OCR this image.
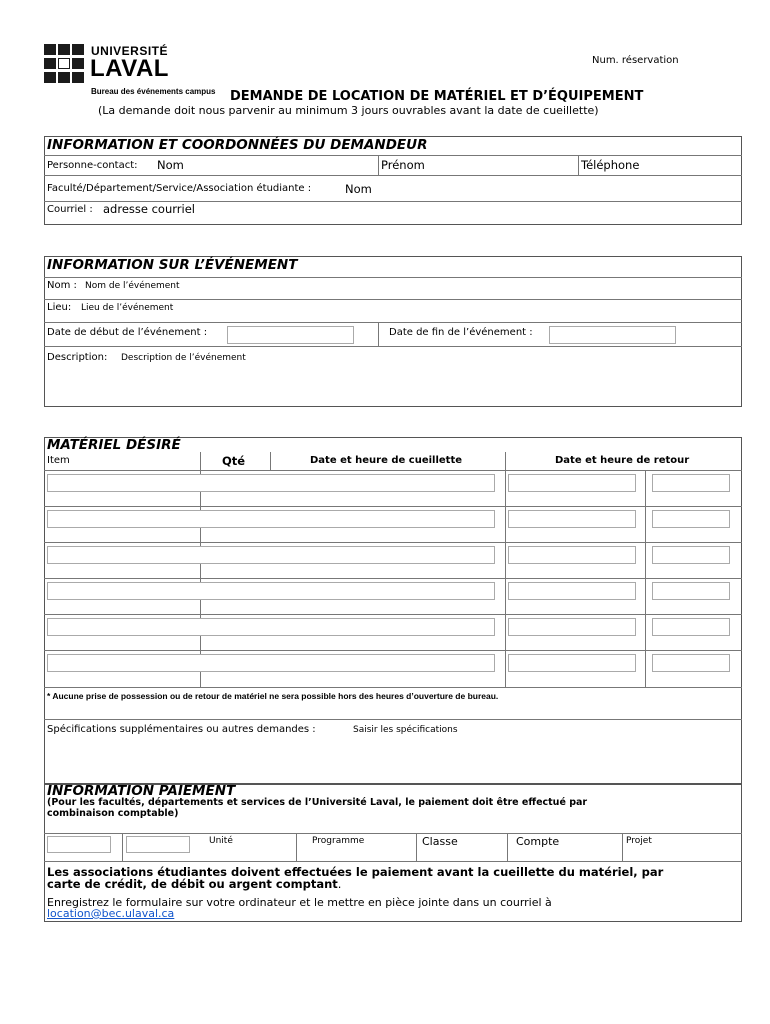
UNIVERSITÉ
LAVAL
Bureau des événements campus
Num. réservation
DEMANDE DE LOCATION DE MATÉRIEL ET D’ÉQUIPEMENT
(La demande doit nous parvenir au minimum 3 jours ouvrables avant la date de cueillette)
INFORMATION ET COORDONNÉES DU DEMANDEUR
Personne-contact: Nom	Prénom	Téléphone
Faculté/Département/Service/Association étudiante :	Nom
Courriel : adresse courriel
INFORMATION SUR L’ÉVÉNEMENT
Nom : Nom de l’événement
Lieu: Lieu de l’événement
Date de début de l’événement :	Date de fin de l’événement :
Description: Description de l’événement
MATÉRIEL DÉSIRÉ
Item	Qté	Date et heure de cueillette	Date et heure de retour
* Aucune prise de possession ou de retour de matériel ne sera possible hors des heures d’ouverture de bureau.
Spécifications supplémentaires ou autres demandes :	Saisir les spécifications
INFORMATION PAIEMENT
(Pour les facultés, départements et services de l’Université Laval, le paiement doit être effectué par
combinaison comptable)
Unité	Programme	Classe	Compte	Projet
Les associations étudiantes doivent effectuées le paiement avant la cueillette du matériel, par
carte de crédit, de débit ou argent comptant.
Enregistrez le formulaire sur votre ordinateur et le mettre en pièce jointe dans un courriel à
location@bec.ulaval.ca
